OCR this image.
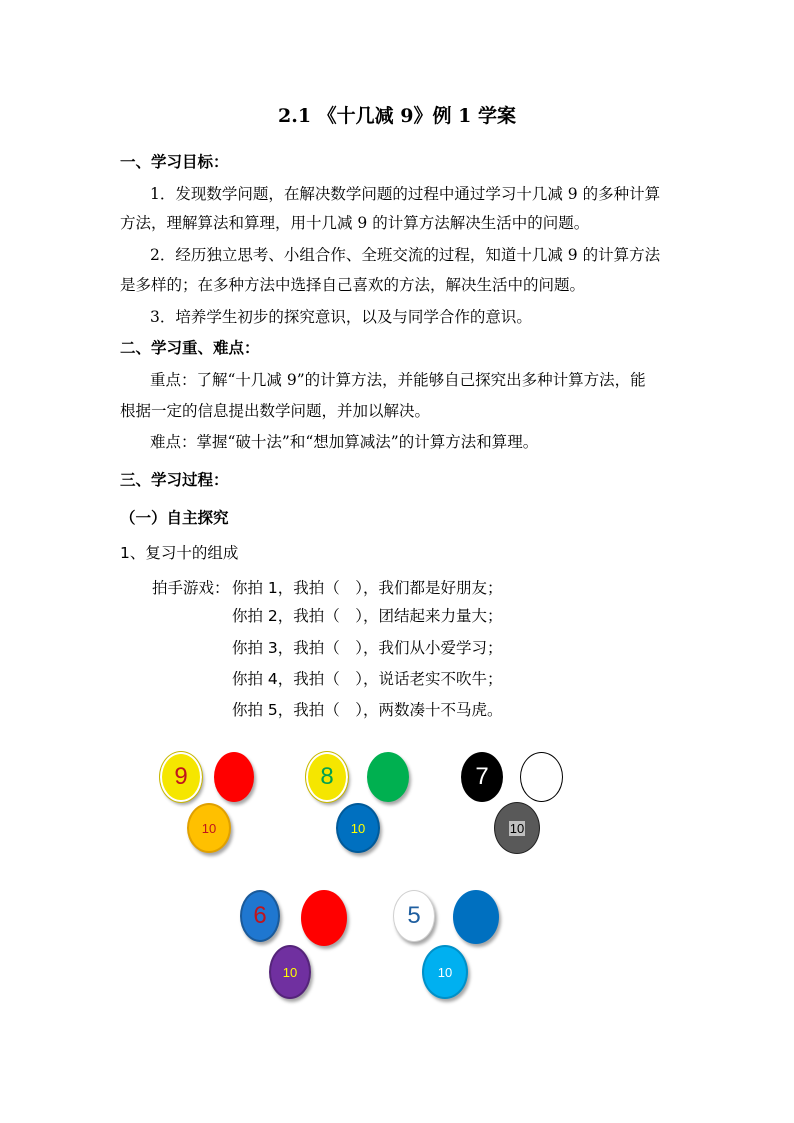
2.1 《十几减 9》例 1 学案
一、学习目标：
1．发现数学问题，在解决数学问题的过程中通过学习十几减 9 的多种计算
方法，理解算法和算理，用十几减 9 的计算方法解决生活中的问题。
2．经历独立思考、小组合作、全班交流的过程，知道十几减 9 的计算方法
是多样的；在多种方法中选择自己喜欢的方法，解决生活中的问题。
3．培养学生初步的探究意识，以及与同学合作的意识。
二、学习重、难点：
重点：了解“十几减 9”的计算方法，并能够自己探究出多种计算方法，能
根据一定的信息提出数学问题，并加以解决。
难点：掌握“破十法”和“想加算减法”的计算方法和算理。
三、学习过程：
（一）自主探究
1、复习十的组成
拍手游戏： 你拍 1，我拍（　），我们都是好朋友；
你拍 2，我拍（　），团结起来力量大；
你拍 3，我拍（　），我们从小爱学习；
你拍 4，我拍（　），说话老实不吹牛；
你拍 5，我拍（　），两数凑十不马虎。
9
10
8
10
7
10
6
10
5
10
